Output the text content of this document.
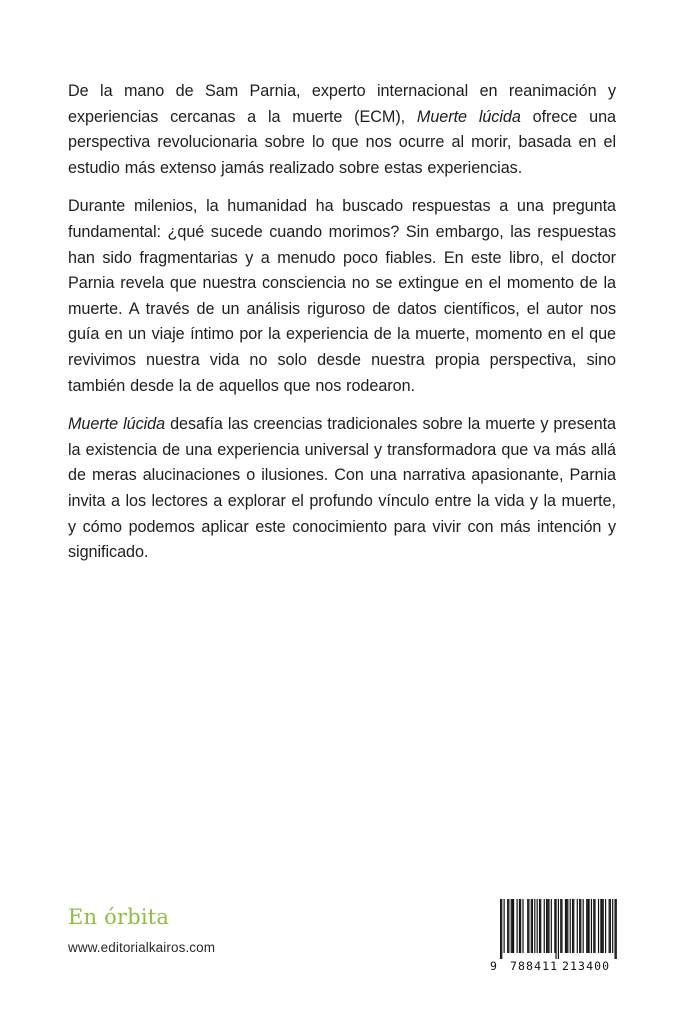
De la mano de Sam Parnia, experto internacional en reanimación y experiencias cercanas a la muerte (ECM), Muerte lúcida ofrece una perspectiva revolucionaria sobre lo que nos ocurre al morir, basada en el estudio más extenso jamás realizado sobre estas experiencias.

Durante milenios, la humanidad ha buscado respuestas a una pregunta fundamental: ¿qué sucede cuando morimos? Sin embargo, las respuestas han sido fragmentarias y a menudo poco fiables. En este libro, el doctor Parnia revela que nuestra consciencia no se extingue en el momento de la muerte. A través de un análisis riguroso de datos científicos, el autor nos guía en un viaje íntimo por la experiencia de la muerte, momento en el que revivimos nuestra vida no solo desde nuestra propia perspectiva, sino también desde la de aquellos que nos rodearon.

Muerte lúcida desafía las creencias tradicionales sobre la muerte y presenta la existencia de una experiencia universal y transformadora que va más allá de meras alucinaciones o ilusiones. Con una narrativa apasionante, Parnia invita a los lectores a explorar el profundo vínculo entre la vida y la muerte, y cómo podemos aplicar este conocimiento para vivir con más intención y significado.

En órbita
www.editorialkairos.com
9 788411 213400
